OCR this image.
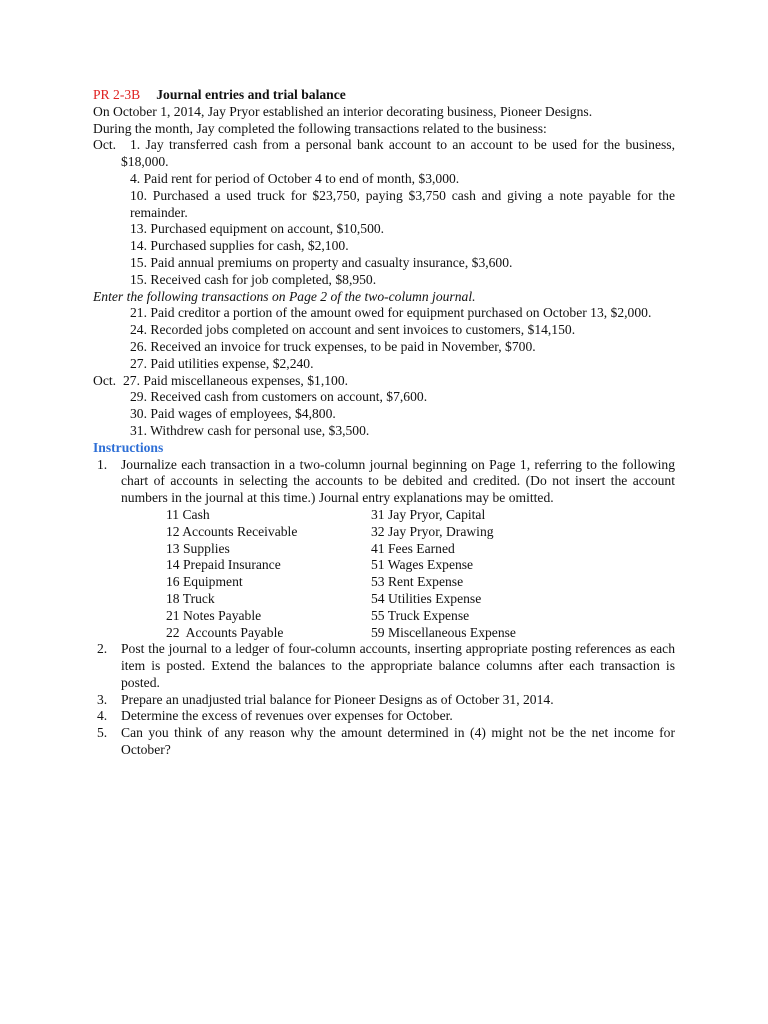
PR 2-3B Journal entries and trial balance
On October 1, 2014, Jay Pryor established an interior decorating business, Pioneer Designs.
During the month, Jay completed the following transactions related to the business:
Oct.	1. Jay transferred cash from a personal bank account to an account to be used for the business, $18,000.
4. Paid rent for period of October 4 to end of month, $3,000.
10. Purchased a used truck for $23,750, paying $3,750 cash and giving a note payable for the remainder.
13. Purchased equipment on account, $10,500.
14. Purchased supplies for cash, $2,100.
15. Paid annual premiums on property and casualty insurance, $3,600.
15. Received cash for job completed, $8,950.
Enter the following transactions on Page 2 of the two-column journal.
21. Paid creditor a portion of the amount owed for equipment purchased on October 13, $2,000.
24. Recorded jobs completed on account and sent invoices to customers, $14,150.
26. Received an invoice for truck expenses, to be paid in November, $700.
27. Paid utilities expense, $2,240.
Oct. 27. Paid miscellaneous expenses, $1,100.
29. Received cash from customers on account, $7,600.
30. Paid wages of employees, $4,800.
31. Withdrew cash for personal use, $3,500.
Instructions
1.	Journalize each transaction in a two-column journal beginning on Page 1, referring to the following chart of accounts in selecting the accounts to be debited and credited. (Do not insert the account numbers in the journal at this time.) Journal entry explanations may be omitted.
11 Cash	31 Jay Pryor, Capital
12 Accounts Receivable	32 Jay Pryor, Drawing
13 Supplies	41 Fees Earned
14 Prepaid Insurance	51 Wages Expense
16 Equipment	53 Rent Expense
18 Truck	54 Utilities Expense
21 Notes Payable	55 Truck Expense
22  Accounts Payable	59 Miscellaneous Expense
2.	Post the journal to a ledger of four-column accounts, inserting appropriate posting references as each item is posted. Extend the balances to the appropriate balance columns after each transaction is posted.
3.	Prepare an unadjusted trial balance for Pioneer Designs as of October 31, 2014.
4.	Determine the excess of revenues over expenses for October.
5.	Can you think of any reason why the amount determined in (4) might not be the net income for October?
